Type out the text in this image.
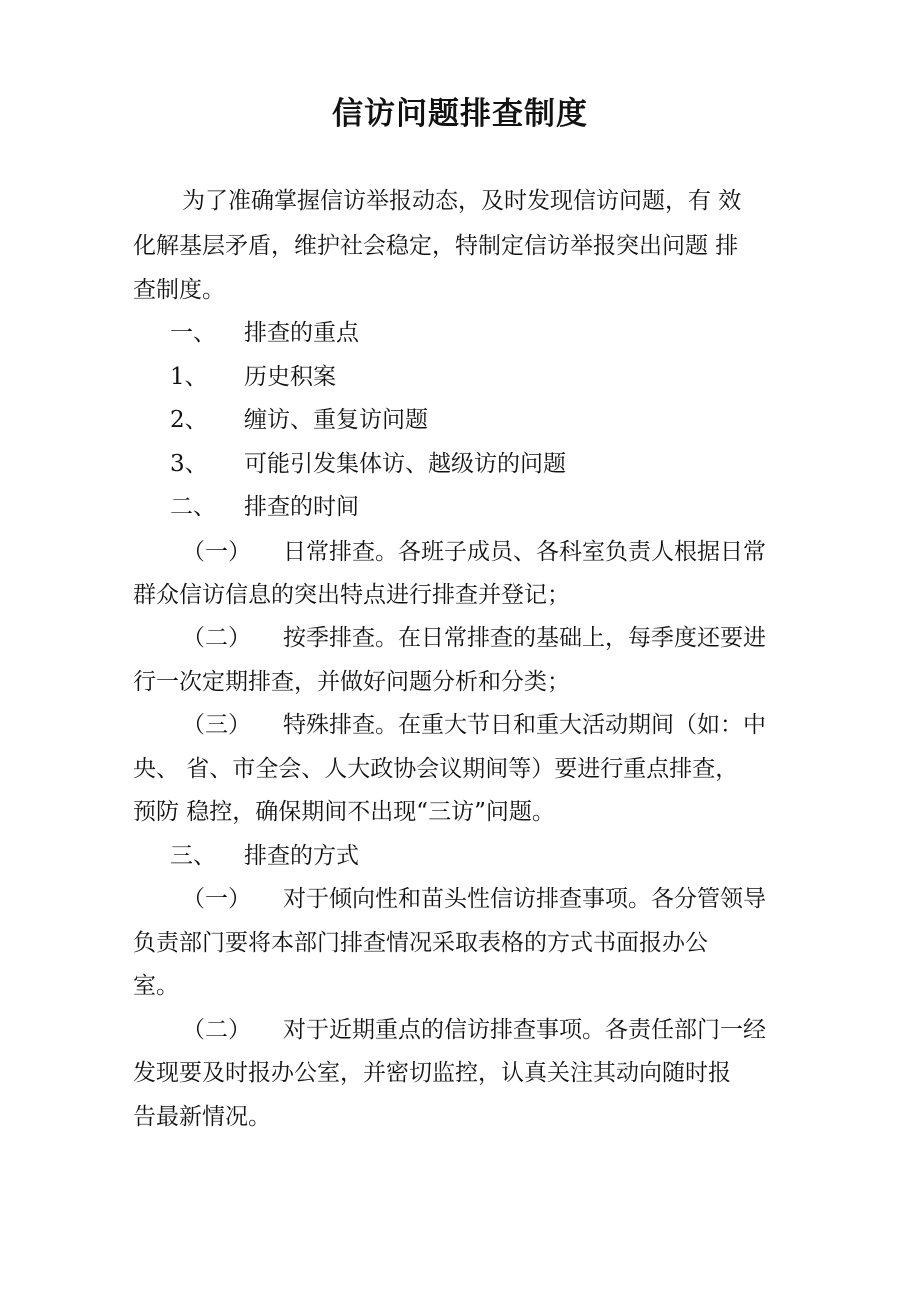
信访问题排查制度
为了准确掌握信访举报动态，及时发现信访问题，有 效
化解基层矛盾，维护社会稳定，特制定信访举报突出问题 排
查制度。
一、 排查的重点
1、 历史积案
2、 缠访、重复访问题
3、 可能引发集体访、越级访的问题
二、 排查的时间
（一） 日常排查。各班子成员、各科室负责人根据日常
群众信访信息的突出特点进行排查并登记；
（二） 按季排查。在日常排查的基础上，每季度还要进
行一次定期排查，并做好问题分析和分类；
（三） 特殊排查。在重大节日和重大活动期间（如：中
央、 省、市全会、人大政协会议期间等）要进行重点排查，
预防 稳控，确保期间不出现“三访”问题。
三、 排查的方式
（一） 对于倾向性和苗头性信访排查事项。各分管领导
负责部门要将本部门排查情况采取表格的方式书面报办公
室。
（二） 对于近期重点的信访排查事项。各责任部门一经
发现要及时报办公室，并密切监控，认真关注其动向随时报
告最新情况。
